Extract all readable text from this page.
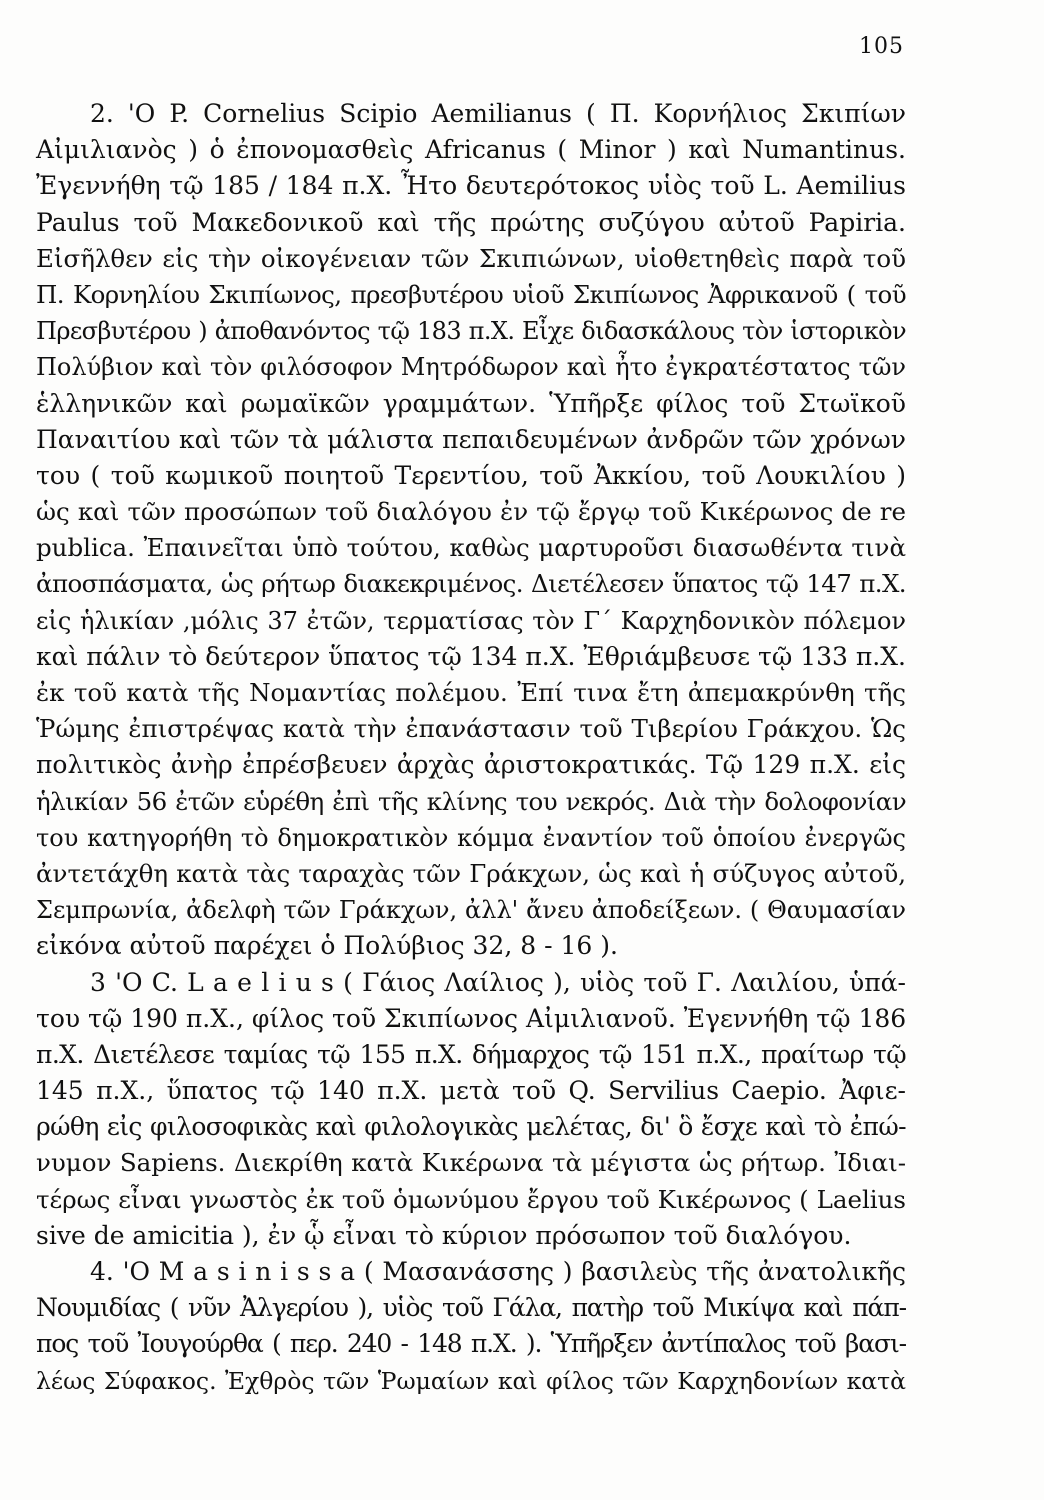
105
2. 'Ο P. Cornelius Scipio Aemilianus ( Π. Κορνήλιος Σκιπίων
Αἰμιλιανὸς ) ὁ ἐπονομασθεὶς Africanus ( Minor ) καὶ Numantinus.
Ἐγεννήθη τῷ 185 / 184 π.Χ. Ἦτο δευτερότοκος υἱὸς τοῦ L. Aemilius
Paulus τοῦ Μακεδονικοῦ καὶ τῆς πρώτης συζύγου αὐτοῦ Papiria.
Εἰσῆλθεν εἰς τὴν οἰκογένειαν τῶν Σκιπιώνων, υἱοθετηθεὶς παρὰ τοῦ
Π. Κορνηλίου Σκιπίωνος, πρεσβυτέρου υἱοῦ Σκιπίωνος Ἀφρικανοῦ ( τοῦ
Πρεσβυτέρου ) ἀποθανόντος τῷ 183 π.Χ. Εἶχε διδασκάλους τὸν ἱστορικὸν
Πολύβιον καὶ τὸν φιλόσοφον Μητρόδωρον καὶ ἦτο ἐγκρατέστατος τῶν
ἑλληνικῶν καὶ ρωμαϊκῶν γραμμάτων. Ὑπῆρξε φίλος τοῦ Στωϊκοῦ
Παναιτίου καὶ τῶν τὰ μάλιστα πεπαιδευμένων ἀνδρῶν τῶν χρόνων
του ( τοῦ κωμικοῦ ποιητοῦ Τερεντίου, τοῦ Ἀκκίου, τοῦ Λουκιλίου )
ὡς καὶ τῶν προσώπων τοῦ διαλόγου ἐν τῷ ἔργῳ τοῦ Κικέρωνος de re
publica. Ἐπαινεῖται ὑπὸ τούτου, καθὼς μαρτυροῦσι διασωθέντα τινὰ
ἀποσπάσματα, ὡς ρήτωρ διακεκριμένος. Διετέλεσεν ὕπατος τῷ 147 π.Χ.
εἰς ἡλικίαν ,μόλις 37 ἐτῶν, τερματίσας τὸν Γ΄ Καρχηδονικὸν πόλεμον
καὶ πάλιν τὸ δεύτερον ὕπατος τῷ 134 π.Χ. Ἐθριάμβευσε τῷ 133 π.Χ.
ἐκ τοῦ κατὰ τῆς Νομαντίας πολέμου. Ἐπί τινα ἔτη ἀπεμακρύνθη τῆς
Ῥώμης ἐπιστρέψας κατὰ τὴν ἐπανάστασιν τοῦ Τιβερίου Γράκχου. Ὡς
πολιτικὸς ἀνὴρ ἐπρέσβευεν ἀρχὰς ἀριστοκρατικάς. Τῷ 129 π.Χ. εἰς
ἡλικίαν 56 ἐτῶν εὑρέθη ἐπὶ τῆς κλίνης του νεκρός. Διὰ τὴν δολοφονίαν
του κατηγορήθη τὸ δημοκρατικὸν κόμμα ἐναντίον τοῦ ὁποίου ἐνεργῶς
ἀντετάχθη κατὰ τὰς ταραχὰς τῶν Γράκχων, ὡς καὶ ἡ σύζυγος αὐτοῦ,
Σεμπρωνία, ἀδελφὴ τῶν Γράκχων, ἀλλ' ἄνευ ἀποδείξεων. ( Θαυμασίαν
εἰκόνα αὐτοῦ παρέχει ὁ Πολύβιος 32, 8 - 16 ).
3 'Ο C. L a e l i u s ( Γάιος Λαίλιος ), υἱὸς τοῦ Γ. Λαιλίου, ὑπά-
του τῷ 190 π.Χ., φίλος τοῦ Σκιπίωνος Αἰμιλιανοῦ. Ἐγεννήθη τῷ 186
π.Χ. Διετέλεσε ταμίας τῷ 155 π.Χ. δήμαρχος τῷ 151 π.Χ., πραίτωρ τῷ
145 π.Χ., ὕπατος τῷ 140 π.Χ. μετὰ τοῦ Q. Servilius Caepio. Ἀφιε-
ρώθη εἰς φιλοσοφικὰς καὶ φιλολογικὰς μελέτας, δι' ὃ ἔσχε καὶ τὸ ἐπώ-
νυμον Sapiens. Διεκρίθη κατὰ Κικέρωνα τὰ μέγιστα ὡς ρήτωρ. Ἰδιαι-
τέρως εἶναι γνωστὸς ἐκ τοῦ ὁμωνύμου ἔργου τοῦ Κικέρωνος ( Laelius
sive de amicitia ), ἐν ᾧ εἶναι τὸ κύριον πρόσωπον τοῦ διαλόγου.
4. 'Ο M a s i n i s s a ( Μασανάσσης ) βασιλεὺς τῆς ἀνατολικῆς
Νουμιδίας ( νῦν Ἀλγερίου ), υἱὸς τοῦ Γάλα, πατὴρ τοῦ Μικίψα καὶ πάπ-
πος τοῦ Ἰουγούρθα ( περ. 240 - 148 π.Χ. ). Ὑπῆρξεν ἀντίπαλος τοῦ βασι-
λέως Σύφακος. Ἐχθρὸς τῶν Ῥωμαίων καὶ φίλος τῶν Καρχηδονίων κατὰ
